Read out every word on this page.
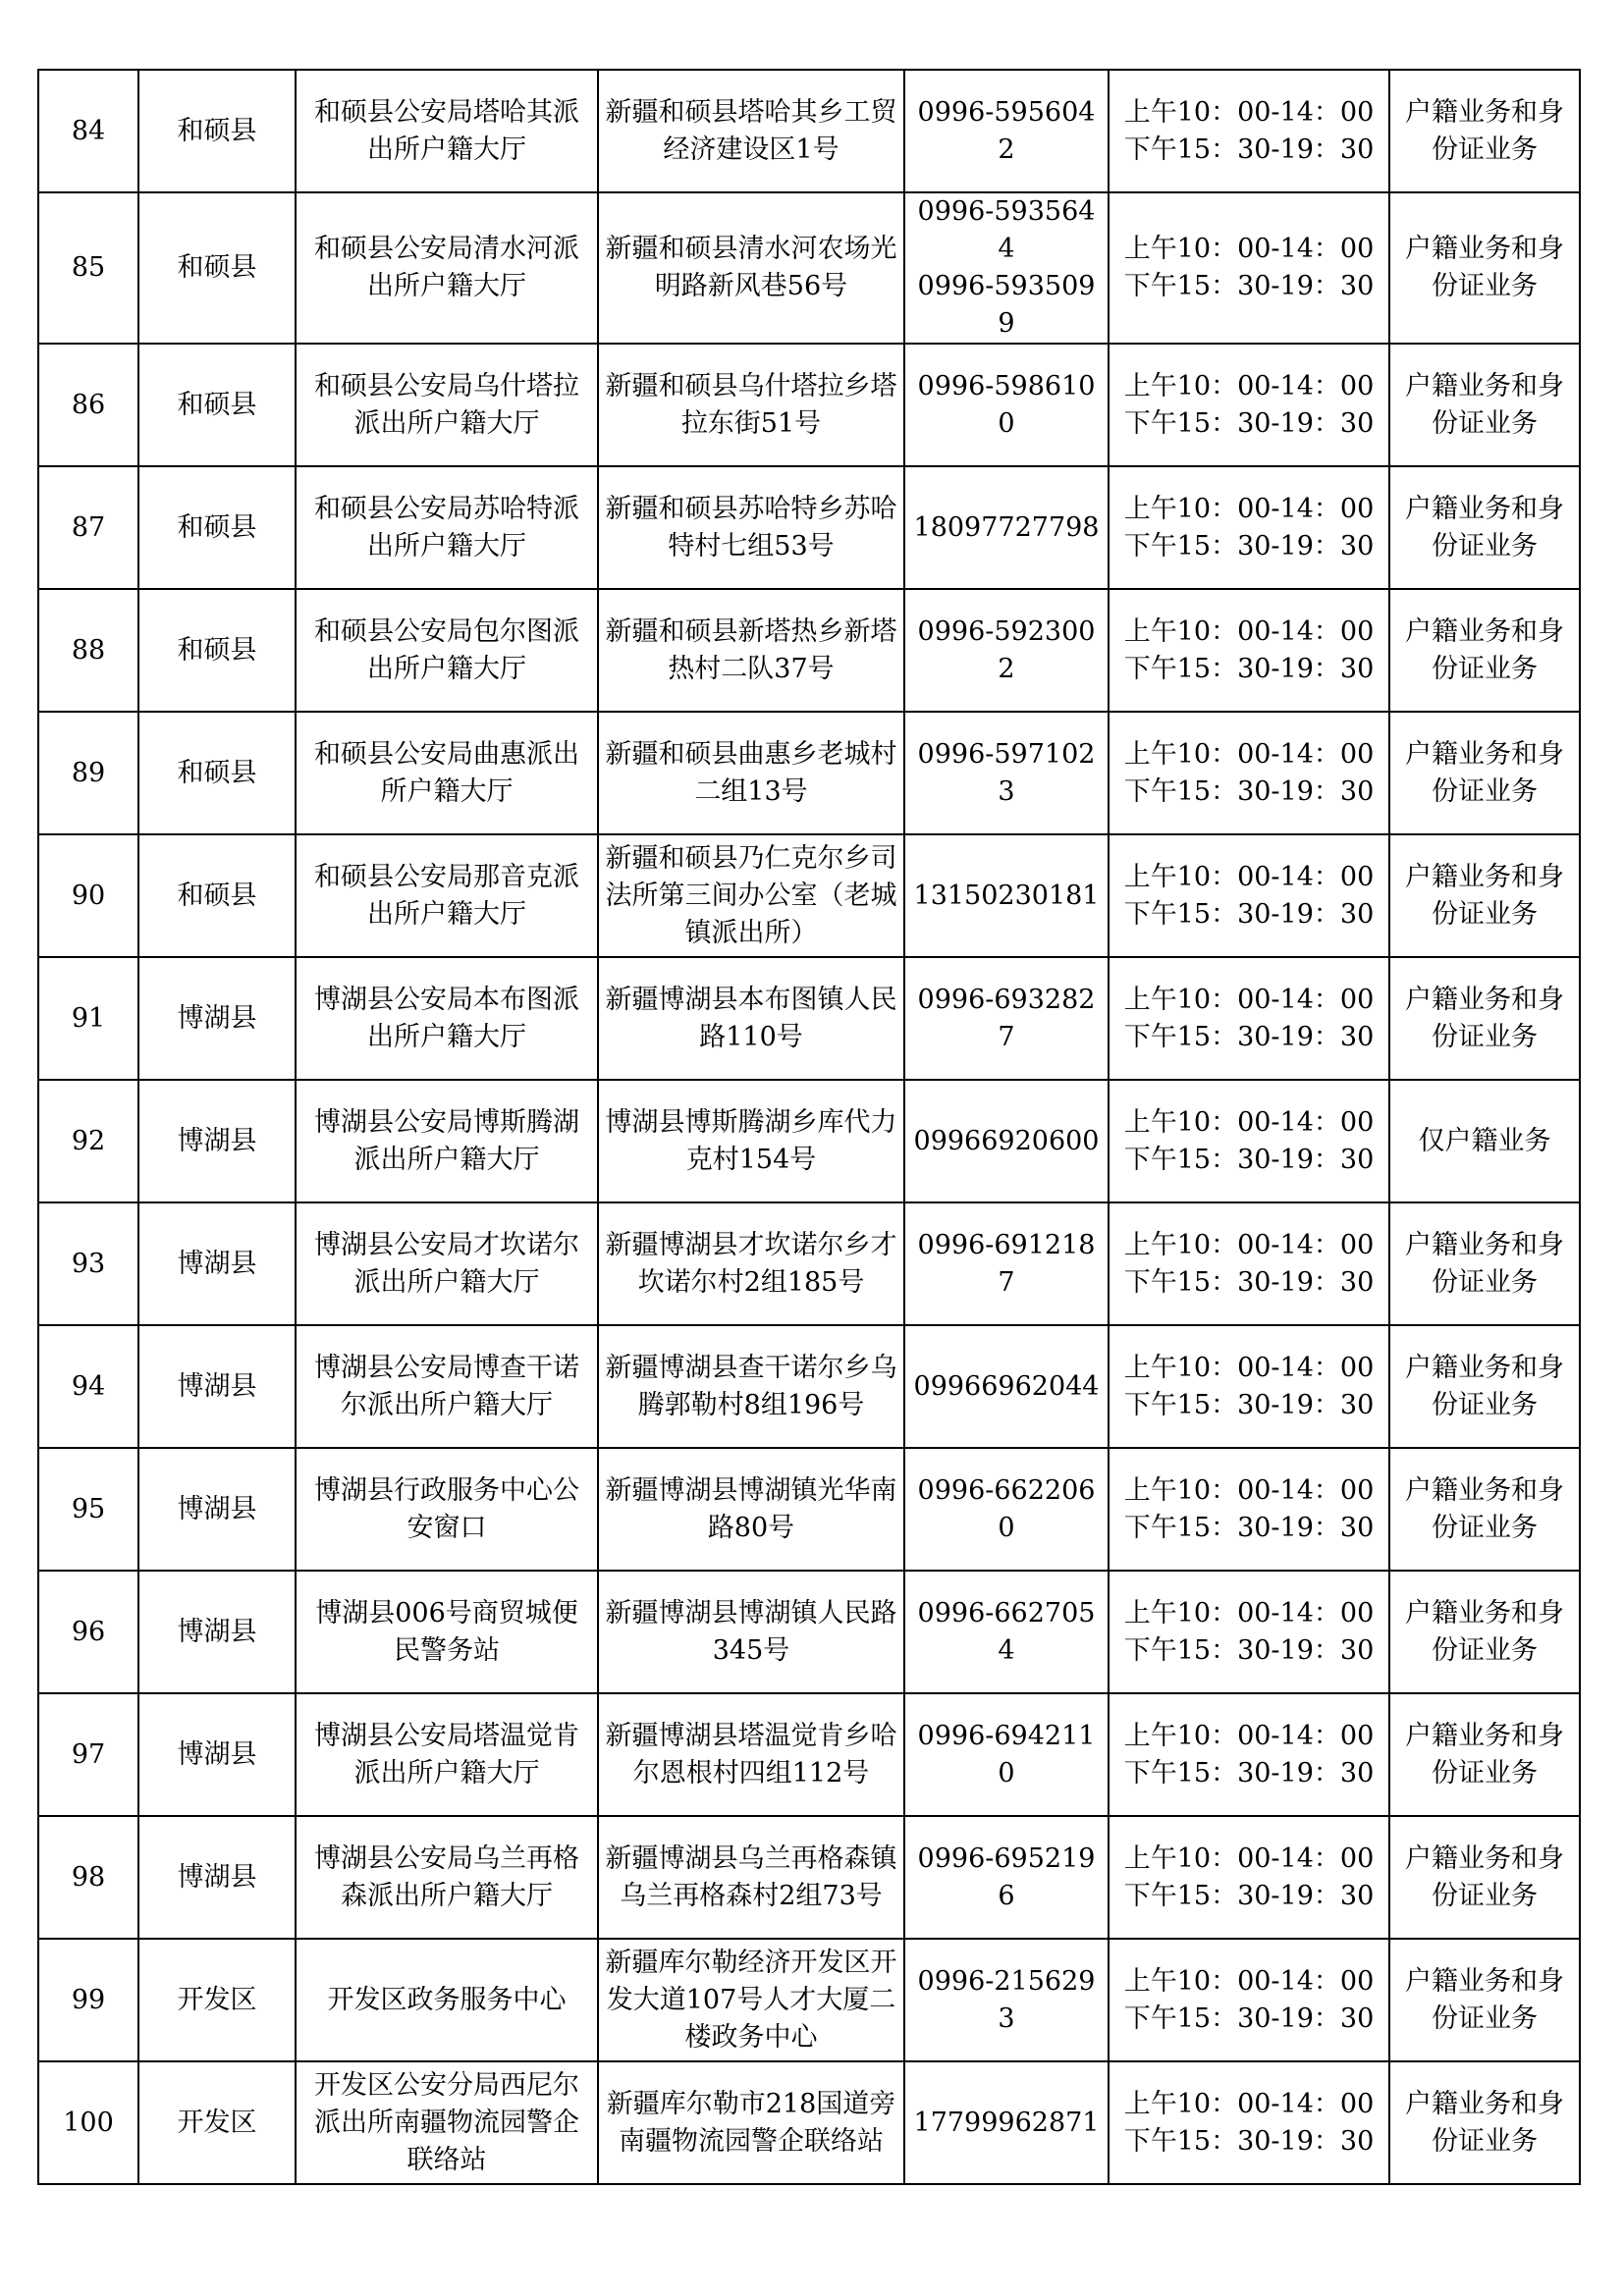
84	和硕县	和硕县公安局塔哈其派出所户籍大厅	新疆和硕县塔哈其乡工贸经济建设区1号	0996-5956042	上午10：00-14：00
下午15：30-19：30	户籍业务和身份证业务
85	和硕县	和硕县公安局清水河派出所户籍大厅	新疆和硕县清水河农场光明路新风巷56号	0996-5935644
0996-5935099	上午10：00-14：00
下午15：30-19：30	户籍业务和身份证业务
86	和硕县	和硕县公安局乌什塔拉派出所户籍大厅	新疆和硕县乌什塔拉乡塔拉东街51号	0996-5986100	上午10：00-14：00
下午15：30-19：30	户籍业务和身份证业务
87	和硕县	和硕县公安局苏哈特派出所户籍大厅	新疆和硕县苏哈特乡苏哈特村七组53号	18097727798	上午10：00-14：00
下午15：30-19：30	户籍业务和身份证业务
88	和硕县	和硕县公安局包尔图派出所户籍大厅	新疆和硕县新塔热乡新塔热村二队37号	0996-5923002	上午10：00-14：00
下午15：30-19：30	户籍业务和身份证业务
89	和硕县	和硕县公安局曲惠派出所户籍大厅	新疆和硕县曲惠乡老城村二组13号	0996-5971023	上午10：00-14：00
下午15：30-19：30	户籍业务和身份证业务
90	和硕县	和硕县公安局那音克派出所户籍大厅	新疆和硕县乃仁克尔乡司法所第三间办公室（老城镇派出所）	13150230181	上午10：00-14：00
下午15：30-19：30	户籍业务和身份证业务
91	博湖县	博湖县公安局本布图派出所户籍大厅	新疆博湖县本布图镇人民路110号	0996-6932827	上午10：00-14：00
下午15：30-19：30	户籍业务和身份证业务
92	博湖县	博湖县公安局博斯腾湖派出所户籍大厅	博湖县博斯腾湖乡库代力克村154号	09966920600	上午10：00-14：00
下午15：30-19：30	仅户籍业务
93	博湖县	博湖县公安局才坎诺尔派出所户籍大厅	新疆博湖县才坎诺尔乡才坎诺尔村2组185号	0996-6912187	上午10：00-14：00
下午15：30-19：30	户籍业务和身份证业务
94	博湖县	博湖县公安局博查干诺尔派出所户籍大厅	新疆博湖县查干诺尔乡乌腾郭勒村8组196号	09966962044	上午10：00-14：00
下午15：30-19：30	户籍业务和身份证业务
95	博湖县	博湖县行政服务中心公安窗口	新疆博湖县博湖镇光华南路80号	0996-6622060	上午10：00-14：00
下午15：30-19：30	户籍业务和身份证业务
96	博湖县	博湖县006号商贸城便民警务站	新疆博湖县博湖镇人民路345号	0996-6627054	上午10：00-14：00
下午15：30-19：30	户籍业务和身份证业务
97	博湖县	博湖县公安局塔温觉肯派出所户籍大厅	新疆博湖县塔温觉肯乡哈尔恩根村四组112号	0996-6942110	上午10：00-14：00
下午15：30-19：30	户籍业务和身份证业务
98	博湖县	博湖县公安局乌兰再格森派出所户籍大厅	新疆博湖县乌兰再格森镇乌兰再格森村2组73号	0996-6952196	上午10：00-14：00
下午15：30-19：30	户籍业务和身份证业务
99	开发区	开发区政务服务中心	新疆库尔勒经济开发区开发大道107号人才大厦二楼政务中心	0996-2156293	上午10：00-14：00
下午15：30-19：30	户籍业务和身份证业务
100	开发区	开发区公安分局西尼尔派出所南疆物流园警企联络站	新疆库尔勒市218国道旁南疆物流园警企联络站	17799962871	上午10：00-14：00
下午15：30-19：30	户籍业务和身份证业务
